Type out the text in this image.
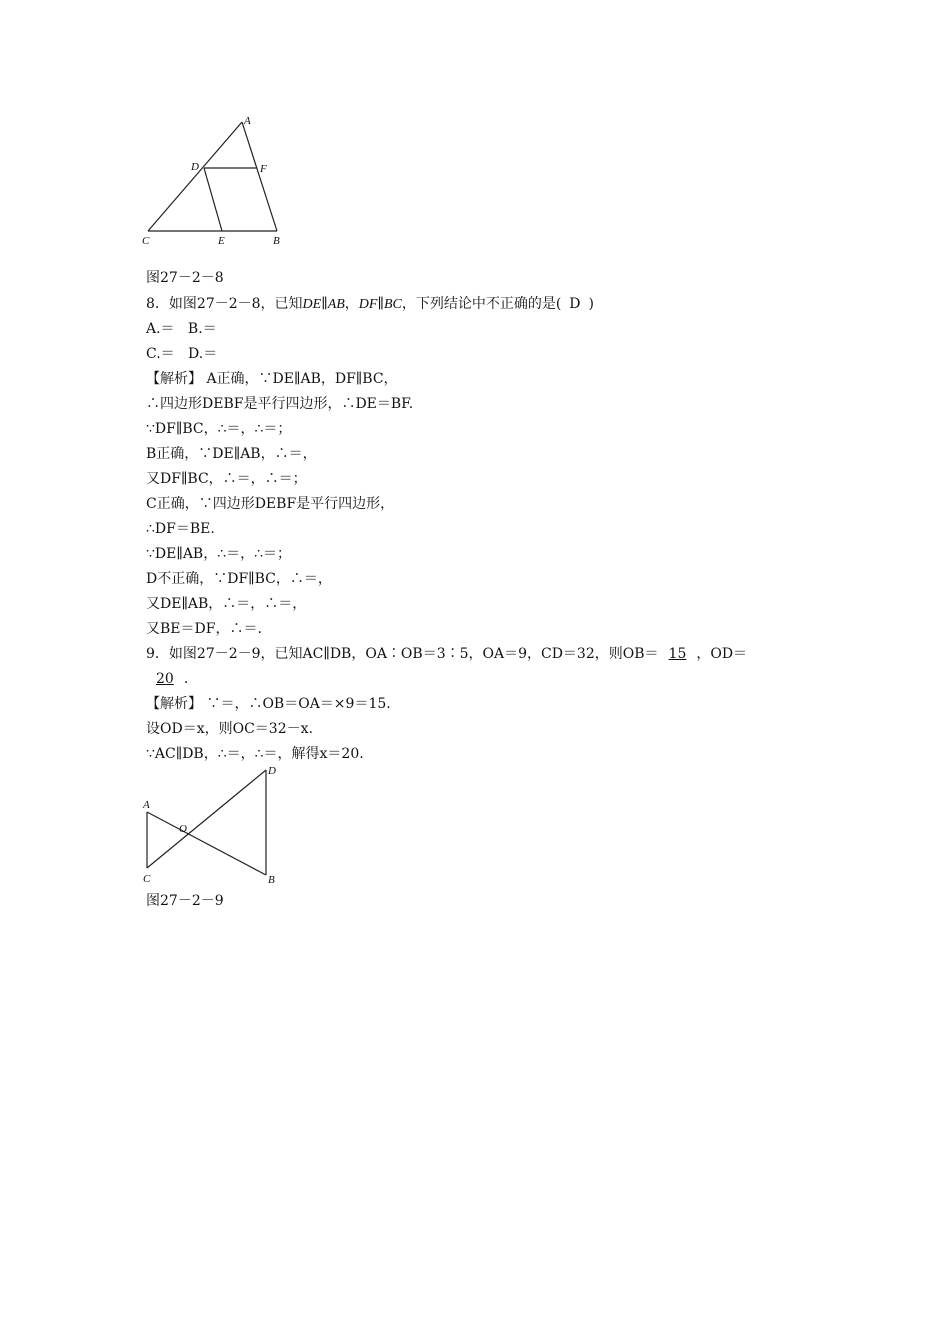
A
D	F
C	E	B
图27－2－8
8．如图27－2－8，已知DE∥AB，DF∥BC，下列结论中不正确的是( D )
A.＝ B.＝
C.＝ D.＝
【解析】 A正确，∵DE∥AB，DF∥BC，
∴四边形DEBF是平行四边形，∴DE＝BF.
∵DF∥BC，∴＝，∴＝；
B正确，∵DE∥AB，∴＝，
又DF∥BC，∴＝，∴＝；
C正确，∵四边形DEBF是平行四边形，
∴DF＝BE.
∵DE∥AB，∴＝，∴＝；
D不正确，∵DF∥BC，∴＝，
又DE∥AB，∴＝，∴＝，
又BE＝DF，∴＝.
9．如图27－2－9，已知AC∥DB，OA∶OB＝3∶5，OA＝9，CD＝32，则OB＝ 15 ，OD＝
20 .
【解析】 ∵＝，∴OB＝OA＝×9＝15.
设OD＝x，则OC＝32－x.
∵AC∥DB，∴＝，∴＝，解得x＝20.
A
O
C
D
B
图27－2－9
